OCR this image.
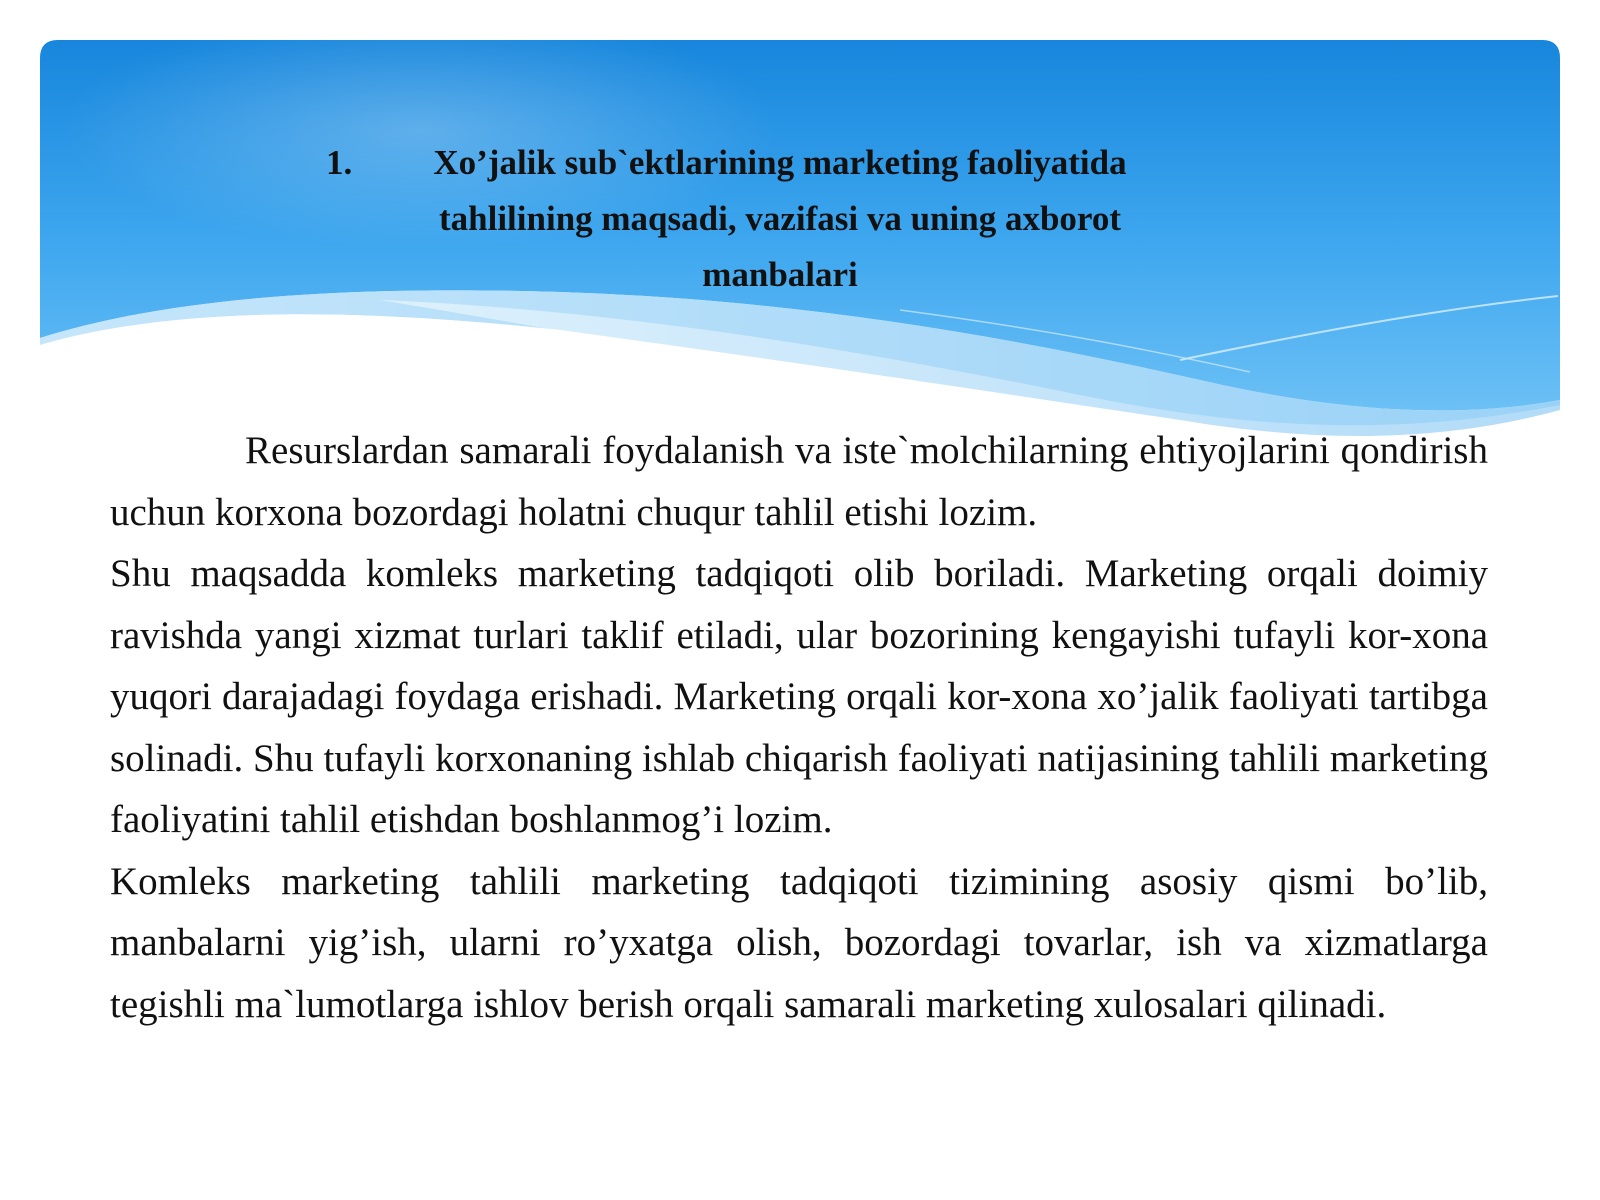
1.	Xo’jalik sub`ektlarining marketing faoliyatida tahlilining maqsadi, vazifasi va uning axborot manbalari

Resurslardan samarali foydalanish va iste`molchilarning ehtiyojlarini qondirish uchun korxona bozordagi holatni chuqur tahlil etishi lozim.

Shu maqsadda komleks marketing tadqiqoti olib boriladi. Marketing orqali doimiy ravishda yangi xizmat turlari taklif etiladi, ular bozorining kengayishi tufayli kor-xona yuqori darajadagi foydaga erishadi. Marketing orqali kor-xona xo’jalik faoliyati tartibga solinadi. Shu tufayli korxonaning ishlab chiqarish faoliyati natijasining tahlili marketing faoliyatini tahlil etishdan boshlanmog’i lozim.

Komleks marketing tahlili marketing tadqiqoti tizimining asosiy qismi bo’lib, manbalarni yig’ish, ularni ro’yxatga olish, bozordagi tovarlar, ish va xizmatlarga tegishli ma`lumotlarga ishlov berish orqali samarali marketing xulosalari qilinadi.
